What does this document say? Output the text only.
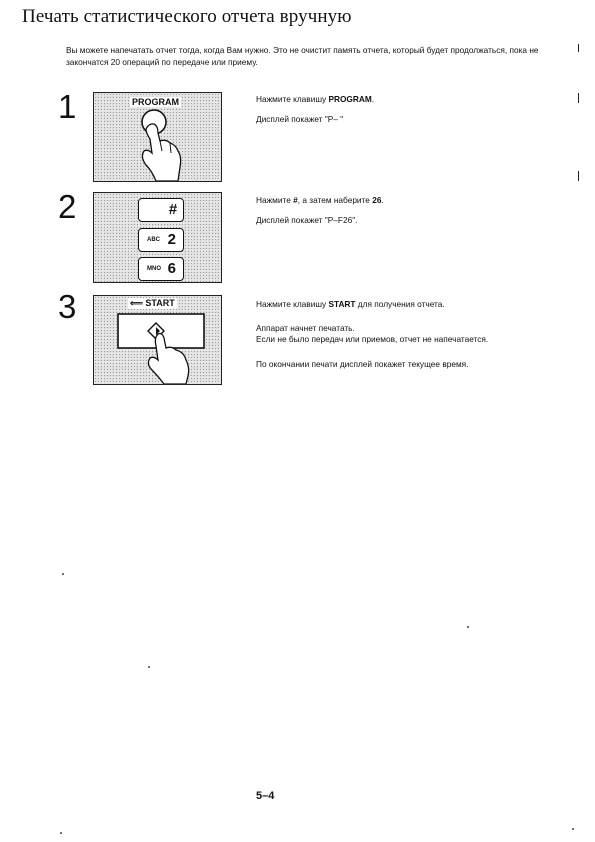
Печать статистического отчета вручную
Вы можете напечатать отчет тогда, когда Вам нужно. Это не очистит память отчета, который будет продолжаться, пока не закончатся 20 операций по передаче или приему.
1	PROGRAM	Нажмите клавишу PROGRAM.

Дисплей покажет "P– "

2	#
ABC 2
MNO 6

Нажмите #, а затем наберите 26.

Дисплей покажет "P–F26".

3	⟸ START	Нажмите клавишу START для получения отчета.

Аппарат начнет печатать.

Если не было передач или приемов, отчет не напечатается.

По окончании печати дисплей покажет текущее время.

5–4
